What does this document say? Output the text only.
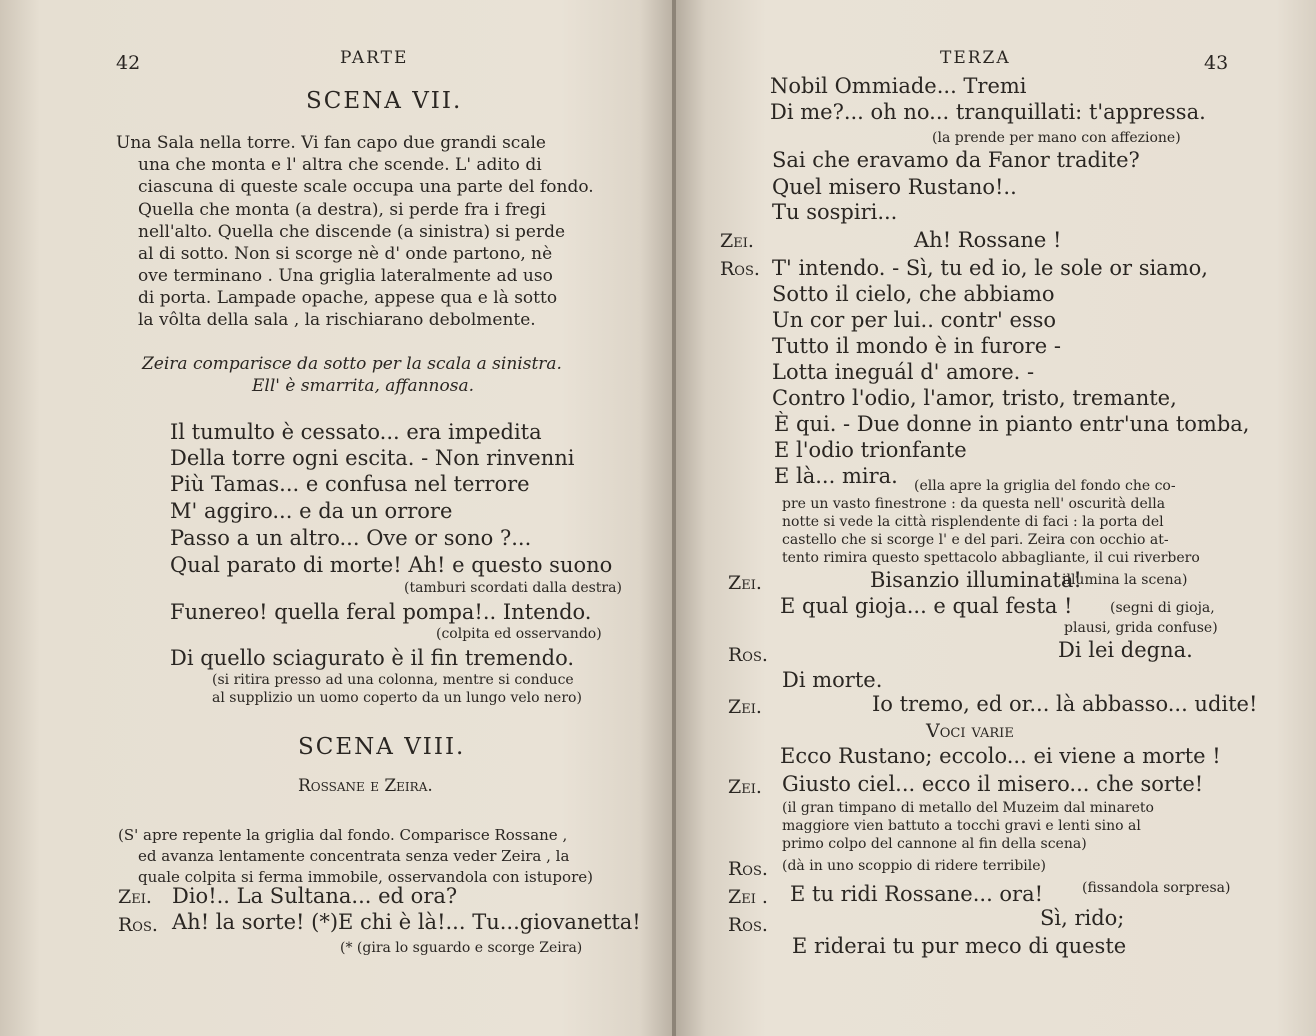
42	PARTE
SCENA VII.
Una Sala nella torre. Vi fan capo due grandi scale
una che monta e l' altra che scende. L' adito di
ciascuna di queste scale occupa una parte del fondo.
Quella che monta (a destra), si perde fra i fregi
nell'alto. Quella che discende (a sinistra) si perde
al di sotto. Non si scorge nè d' onde partono, nè
ove terminano . Una griglia lateralmente ad uso
di porta. Lampade opache, appese qua e là sotto
la vôlta della sala , la rischiarano debolmente.
Zeira comparisce da sotto per la scala a sinistra.
Ell' è smarrita, affannosa.
Il tumulto è cessato... era impedita
Della torre ogni escita. - Non rinvenni
Più Tamas... e confusa nel terrore
M' aggiro... e da un orrore
Passo a un altro... Ove or sono ?...
Qual parato di morte! Ah! e questo suono
(tamburi scordati dalla destra)
Funereo! quella feral pompa!.. Intendo.
(colpita ed osservando)
Di quello sciagurato è il fin tremendo.
(si ritira presso ad una colonna, mentre si conduce
al supplizio un uomo coperto da un lungo velo nero)
SCENA VIII.
Rossane e Zeira.
(S' apre repente la griglia dal fondo. Comparisce Rossane ,
ed avanza lentamente concentrata senza veder Zeira , la
quale colpita si ferma immobile, osservandola con istupore)
Zei. Dio!.. La Sultana... ed ora?
Ros. Ah! la sorte! (*)E chi è là!... Tu...giovanetta!
(* (gira lo sguardo e scorge Zeira)
TERZA	43
Nobil Ommiade... Tremi
Di me?... oh no... tranquillati: t'appressa.
(la prende per mano con affezione)
Sai che eravamo da Fanor tradite?
Quel misero Rustano!..
Tu sospiri...
Zei.	Ah! Rossane !
Ros. T' intendo. - Sì, tu ed io, le sole or siamo,
Sotto il cielo, che abbiamo
Un cor per lui.. contr' esso
Tutto il mondo è in furore -
Lotta ineguál d' amore. -
Contro l'odio, l'amor, tristo, tremante,
È qui. - Due donne in pianto entr'una tomba,
E l'odio trionfante
E là... mira. (ella apre la griglia del fondo che co-
pre un vasto finestrone : da questa nell' oscurità della
notte si vede la città risplendente di faci : la porta del
castello che si scorge l' e del pari. Zeira con occhio at-
tento rimira questo spettacolo abbagliante, il cui riverbero
Zei.	Bisanzio illuminata!
illumina la scena)
E qual gioja... e qual festa !	(segni di gioja,
plausi, grida confuse)
Ros.	Di lei degna.
Di morte.
Zei.	Io tremo, ed or... là abbasso... udite!
Voci varie
Ecco Rustano; eccolo... ei viene a morte !
Zei. Giusto ciel... ecco il misero... che sorte!
(il gran timpano di metallo del Muzeim dal minareto
maggiore vien battuto a tocchi gravi e lenti sino al
primo colpo del cannone al fin della scena)
Ros. (dà in uno scoppio di ridere terribile)
Zei . E tu ridi Rossane... ora!	(fissandola sorpresa)
Ros.	Sì, rido;
E riderai tu pur meco di queste
